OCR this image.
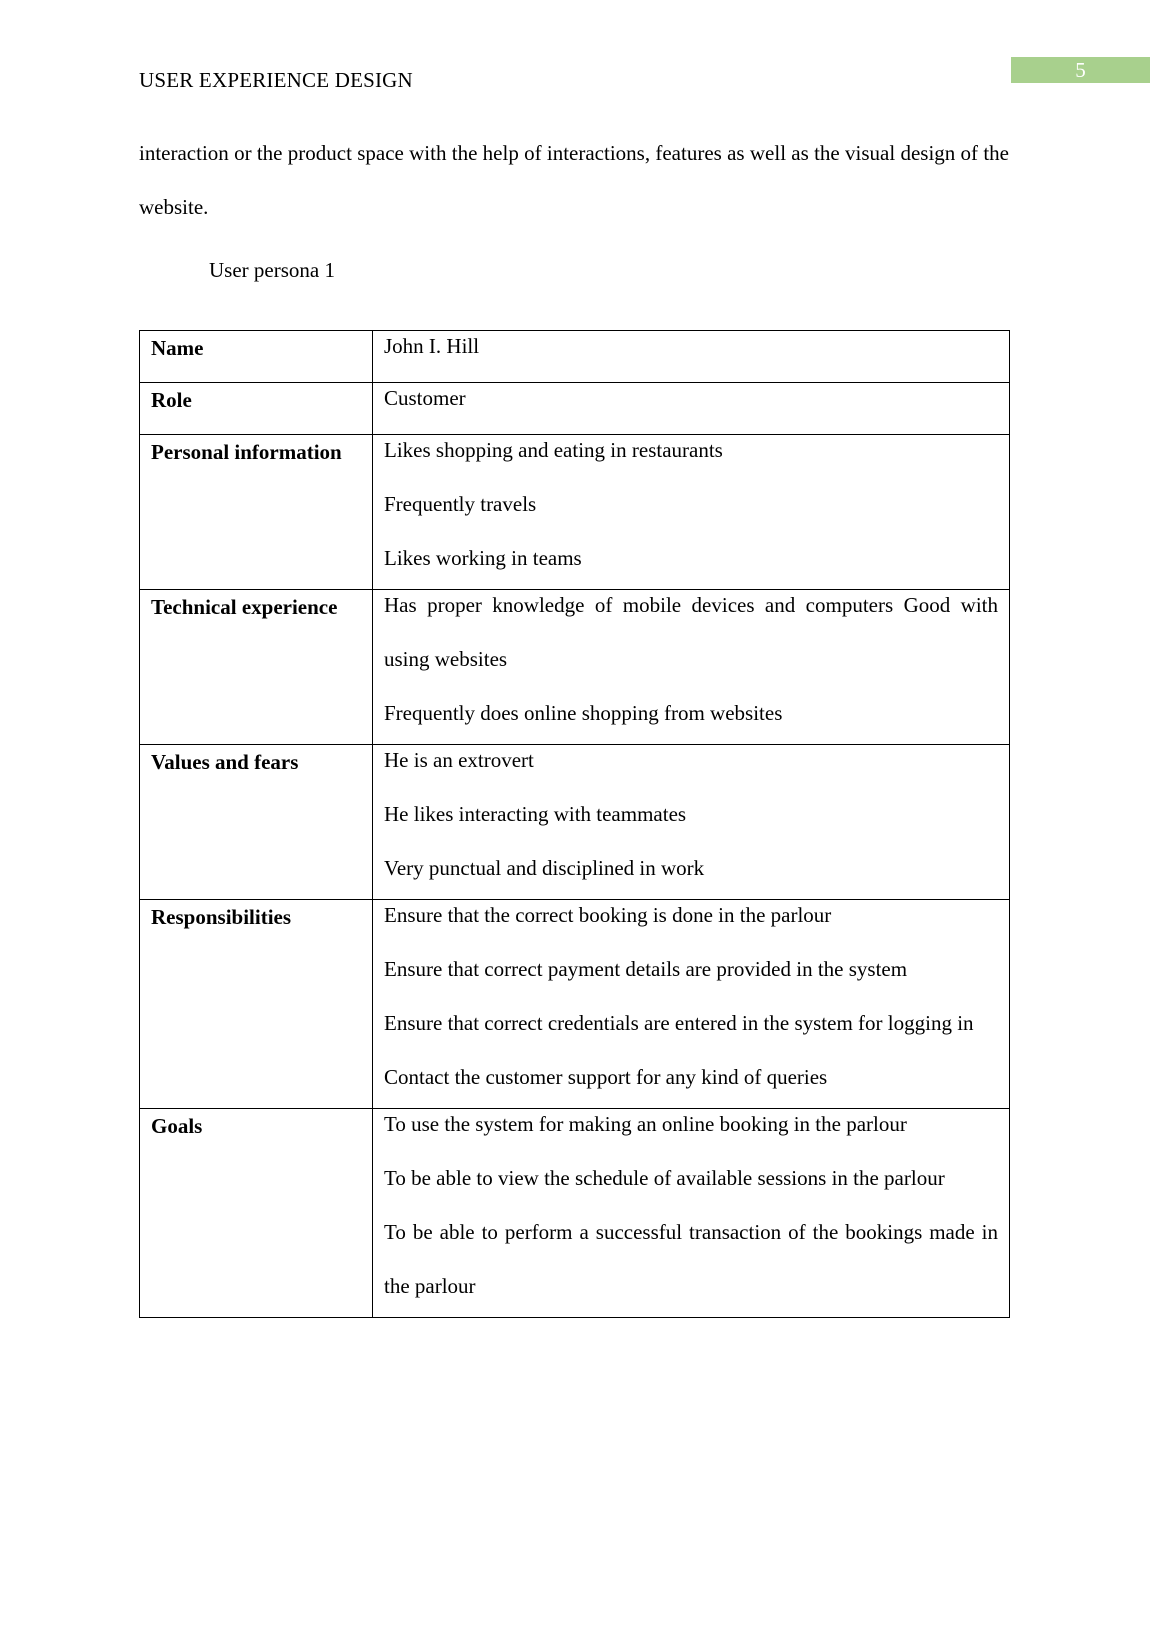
USER EXPERIENCE DESIGN	5
interaction or the product space with the help of interactions, features as well as the visual design of the website.
User persona 1
Name	John I. Hill

Role	Customer

Personal information	Likes shopping and eating in restaurants
Frequently travels
Likes working in teams

Technical experience	Has proper knowledge of mobile devices and computers Good with using websites
Frequently does online shopping from websites

Values and fears	He is an extrovert
He likes interacting with teammates
Very punctual and disciplined in work

Responsibilities	Ensure that the correct booking is done in the parlour
Ensure that correct payment details are provided in the system
Ensure that correct credentials are entered in the system for logging in
Contact the customer support for any kind of queries

Goals	To use the system for making an online booking in the parlour
To be able to view the schedule of available sessions in the parlour
To be able to perform a successful transaction of the bookings made in the parlour
